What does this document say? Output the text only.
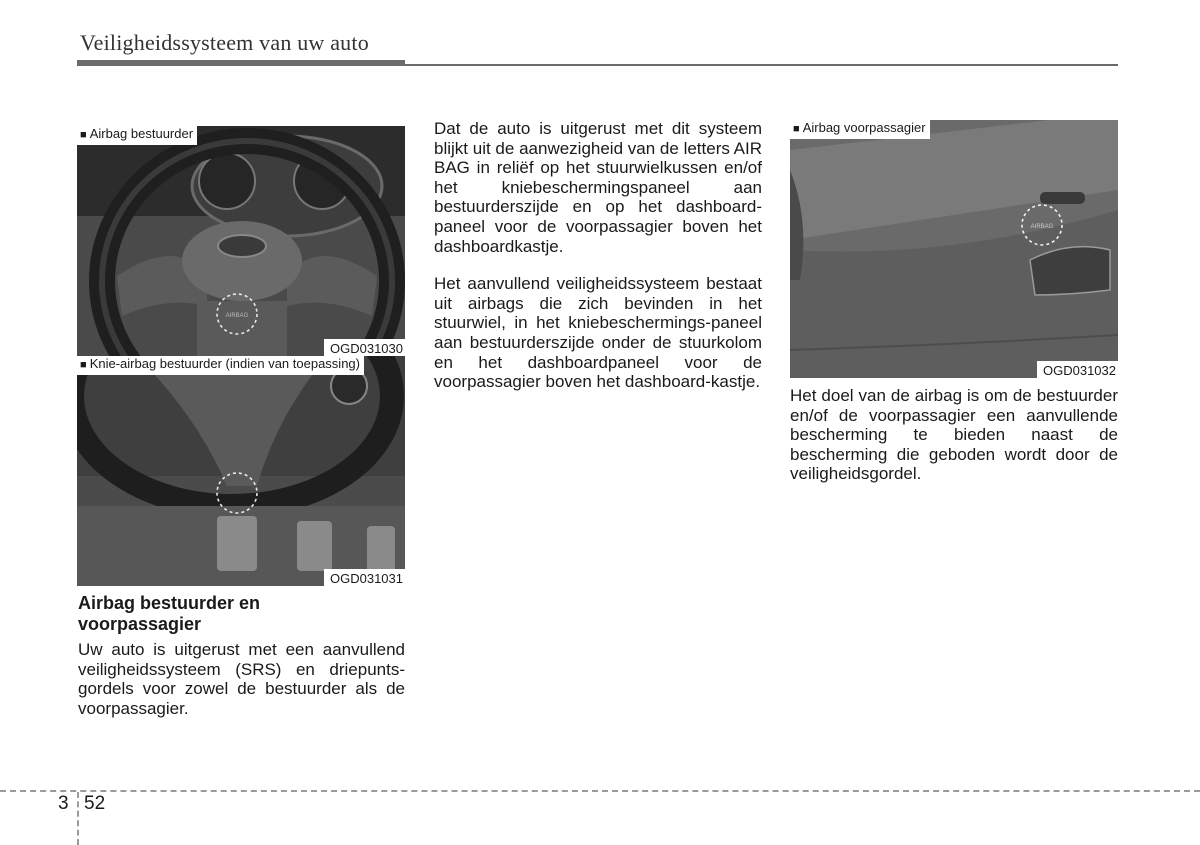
Veiligheidssysteem van uw auto
AIRBAG
■ Airbag bestuurder
OGD031030
■ Knie-airbag bestuurder (indien van toepassing)
OGD031031
AIRBAG
■ Airbag voorpassagier
OGD031032
Airbag bestuurder en
voorpassagier
Uw auto is uitgerust met een aanvullend veiligheidssysteem (SRS) en driepunts-gordels voor zowel de bestuurder als de voorpassagier.
Dat de auto is uitgerust met dit systeem blijkt uit de aanwezigheid van de letters AIR BAG in reliëf op het stuurwielkussen en/of het kniebeschermingspaneel aan bestuurderszijde en op het dashboard-paneel voor de voorpassagier boven het dashboardkastje.
Het aanvullend veiligheidssysteem bestaat uit airbags die zich bevinden in het stuurwiel, in het kniebeschermings-paneel aan bestuurderszijde onder de stuurkolom en het dashboardpaneel voor de voorpassagier boven het dashboard-kastje.
Het doel van de airbag is om de bestuurder en/of de voorpassagier een aanvullende bescherming te bieden naast de bescherming die geboden wordt door de veiligheidsgordel.
3 52
